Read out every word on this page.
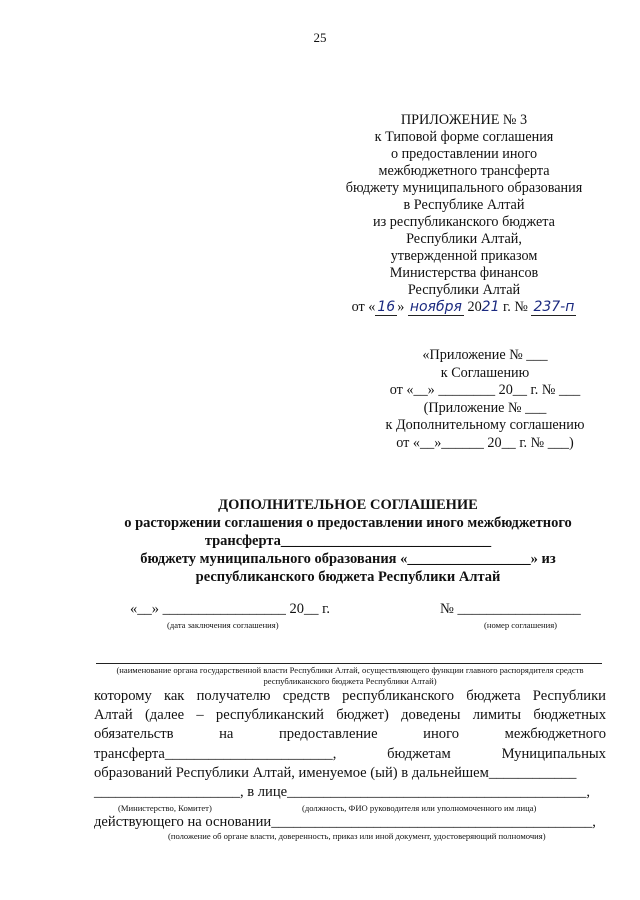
25
ПРИЛОЖЕНИЕ № 3
к Типовой форме соглашения
о предоставлении иного
межбюджетного трансферта
бюджету муниципального образования
в Республике Алтай
из республиканского бюджета
Республики Алтай,
утвержденной приказом
Министерства финансов
Республики Алтай
от « 16 » ноября 2021 г. № 237-п
«Приложение № ___
к Соглашению
от «__» ________ 20__ г. № ___
(Приложение № ___
к Дополнительному соглашению
от «__»______ 20__ г. № ___)
ДОПОЛНИТЕЛЬНОЕ СОГЛАШЕНИЕ
о расторжении соглашения о предоставлении иного межбюджетного
трансферта_____________________________
бюджету муниципального образования «_________________» из
республиканского бюджета Республики Алтай
«__» _________________ 20__ г.	№ _________________
(дата заключения соглашения)	(номер соглашения)
(наименование органа государственной власти Республики Алтай, осуществляющего функции главного распорядителя средств республиканского бюджета Республики Алтай)
которому как получателю средств республиканского бюджета Республики
Алтай (далее – республиканский бюджет) доведены лимиты бюджетных
обязательств	на	предоставление	иного	межбюджетного
трансферта_______________________,	бюджетам	Муниципальных
образований Республики Алтай, именуемое (ый) в дальнейшем____________
____________________, в лице_________________________________________,
(Министерство, Комитет)	(должность, ФИО руководителя или уполномоченного им лица)
действующего на основании____________________________________________,
(положение об органе власти, доверенность, приказ или иной документ, удостоверяющий полномочия)
